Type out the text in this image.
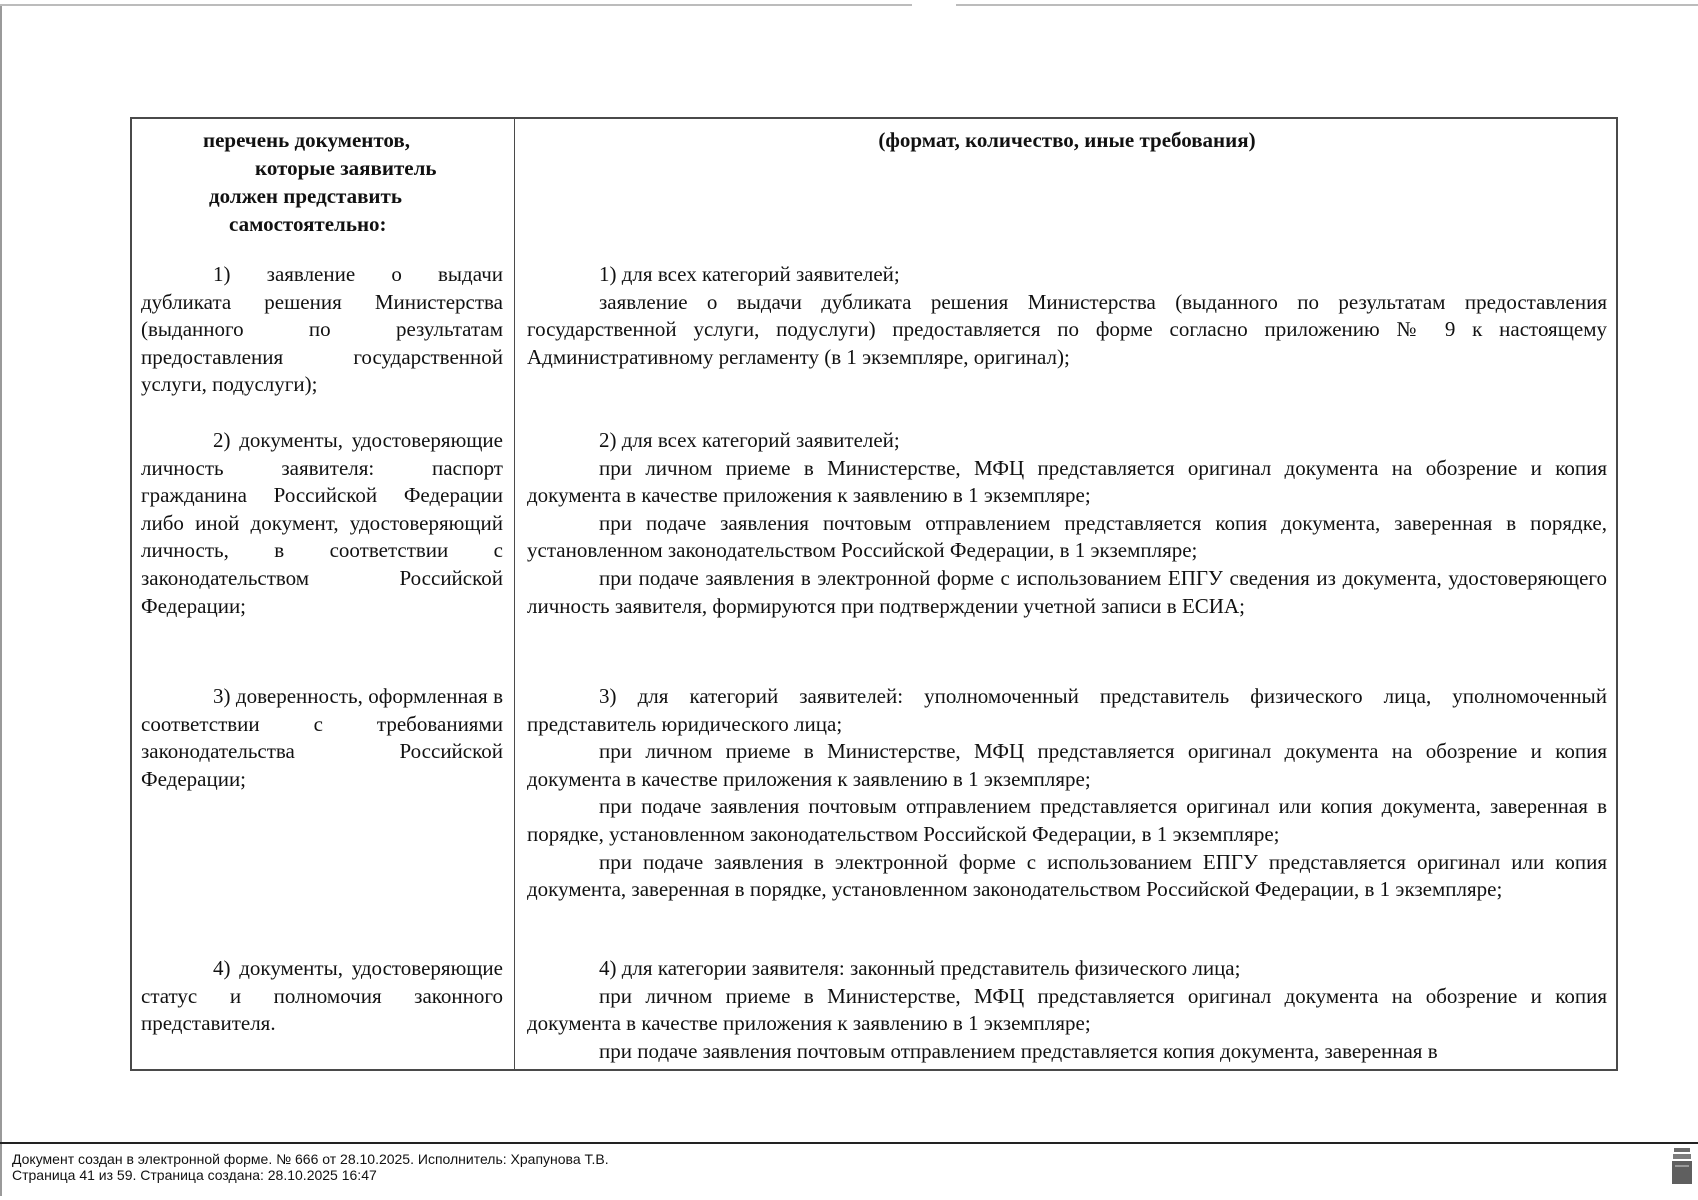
перечень документов,
которые заявитель
должен представить
самостоятельно:
(формат, количество, иные требования)

1) заявление о выдачи дубликата решения Министерства (выданного по результатам предоставления государственной услуги, подуслуги);

1) для всех категорий заявителей;

заявление о выдачи дубликата решения Министерства (выданного по результатам предоставления государственной услуги, подуслуги) предоставляется по форме согласно приложению № 9 к настоящему Административному регламенту (в 1 экземпляре, оригинал);

2) документы, удостоверяющие личность заявителя: паспорт гражданина Российской Федерации либо иной документ, удостоверяющий личность, в соответствии с законодательством Российской Федерации;

2) для всех категорий заявителей;

при личном приеме в Министерстве, МФЦ представляется оригинал документа на обозрение и копия документа в качестве приложения к заявлению в 1 экземпляре;

при подаче заявления почтовым отправлением представляется копия документа, заверенная в порядке, установленном законодательством Российской Федерации, в 1 экземпляре;

при подаче заявления в электронной форме с использованием ЕПГУ сведения из документа, удостоверяющего личность заявителя, формируются при подтверждении учетной записи в ЕСИА;

3) доверенность, оформленная в соответствии с требованиями законодательства Российской Федерации;

3) для категорий заявителей: уполномоченный представитель физического лица, уполномоченный представитель юридического лица;

при личном приеме в Министерстве, МФЦ представляется оригинал документа на обозрение и копия документа в качестве приложения к заявлению в 1 экземпляре;

при подаче заявления почтовым отправлением представляется оригинал или копия документа, заверенная в порядке, установленном законодательством Российской Федерации, в 1 экземпляре;

при подаче заявления в электронной форме с использованием ЕПГУ представляется оригинал или копия документа, заверенная в порядке, установленном законодательством Российской Федерации, в 1 экземпляре;

4) документы, удостоверяющие статус и полномочия законного представителя.

4) для категории заявителя: законный представитель физического лица;

при личном приеме в Министерстве, МФЦ представляется оригинал документа на обозрение и копия документа в качестве приложения к заявлению в 1 экземпляре;

при подаче заявления почтовым отправлением представляется копия документа, заверенная в

Документ создан в электронной форме. № 666 от 28.10.2025. Исполнитель: Храпунова Т.В.
Страница 41 из 59. Страница создана: 28.10.2025 16:47
